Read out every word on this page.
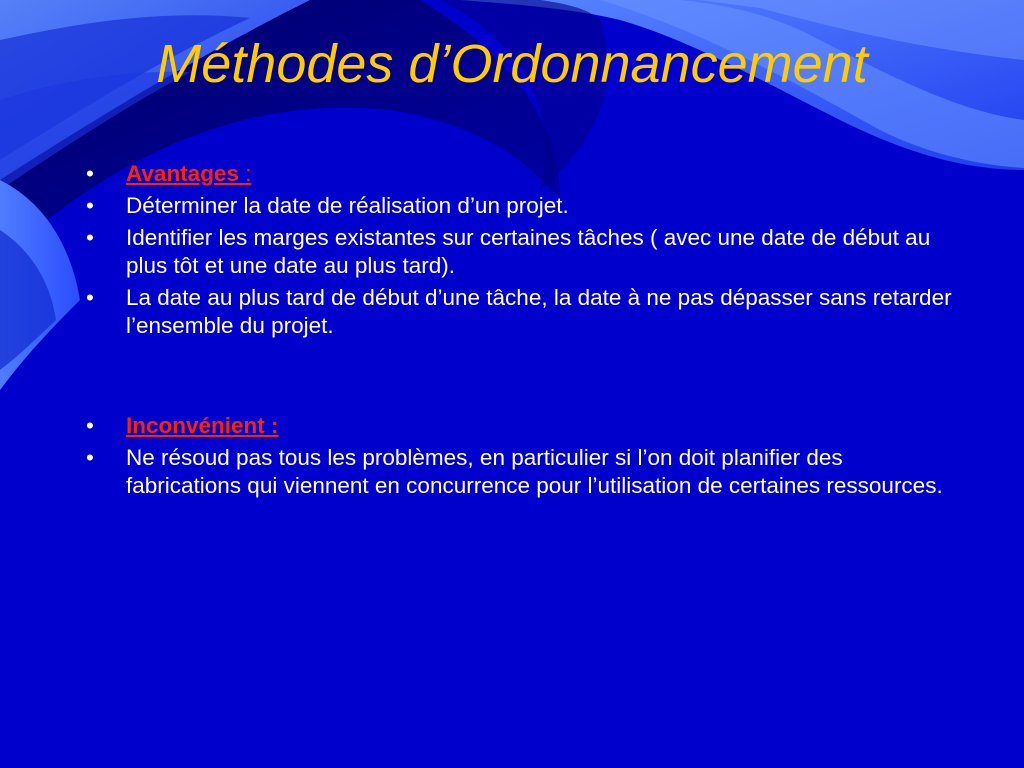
Méthodes d’Ordonnancement
•	Avantages :
•	Déterminer la date de réalisation d’un projet.
•	Identifier les marges existantes sur certaines tâches ( avec une date de début au plus tôt et une date au plus tard).
•	La date au plus tard de début d’une tâche, la date à ne pas dépasser sans retarder l’ensemble du projet.
•	Inconvénient :
•	Ne résoud pas tous les problèmes, en particulier si l’on doit planifier des fabrications qui viennent en concurrence pour l’utilisation de certaines ressources.
